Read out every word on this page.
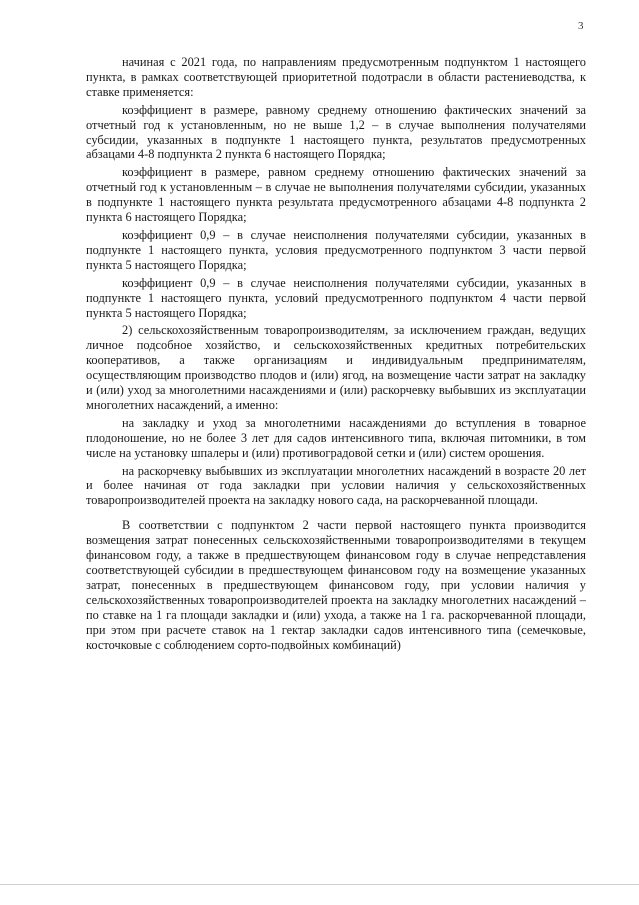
3

начиная с 2021 года, по направлениям предусмотренным подпунктом 1 настоящего пункта, в рамках соответствующей приоритетной подотрасли в области растениеводства, к ставке применяется:

коэффициент в размере, равному среднему отношению фактических значений за отчетный год к установленным, но не выше 1,2 – в случае выполнения получателями субсидии, указанных в подпункте 1 настоящего пункта, результатов предусмотренных абзацами 4-8 подпункта 2 пункта 6 настоящего Порядка;

коэффициент в размере, равном среднему отношению фактических значений за отчетный год к установленным – в случае не выполнения получателями субсидии, указанных в подпункте 1 настоящего пункта результата предусмотренного абзацами 4-8 подпункта 2 пункта 6 настоящего Порядка;

коэффициент 0,9 – в случае неисполнения получателями субсидии, указанных в подпункте 1 настоящего пункта, условия предусмотренного подпунктом 3 части первой пункта 5 настоящего Порядка;

коэффициент 0,9 – в случае неисполнения получателями субсидии, указанных в подпункте 1 настоящего пункта, условий предусмотренного подпунктом 4 части первой пункта 5 настоящего Порядка;

2) сельскохозяйственным товаропроизводителям, за исключением граждан, ведущих личное подсобное хозяйство, и сельскохозяйственных кредитных потребительских кооперативов, а также организациям и индивидуальным предпринимателям, осуществляющим производство плодов и (или) ягод, на возмещение части затрат на закладку и (или) уход за многолетними насаждениями и (или) раскорчевку выбывших из эксплуатации многолетних насаждений, а именно:

на закладку и уход за многолетними насаждениями до вступления в товарное плодоношение, но не более 3 лет для садов интенсивного типа, включая питомники, в том числе на установку шпалеры и (или) противоградовой сетки и (или) систем орошения.

на раскорчевку выбывших из эксплуатации многолетних насаждений в возрасте 20 лет и более начиная от года закладки при условии наличия у сельскохозяйственных товаропроизводителей проекта на закладку нового сада, на раскорчеванной площади.

В соответствии с подпунктом 2 части первой настоящего пункта производится возмещения затрат понесенных сельскохозяйственными товаропроизводителями в текущем финансовом году, а также в предшествующем финансовом году в случае непредставления соответствующей субсидии в предшествующем финансовом году на возмещение указанных затрат, понесенных в предшествующем финансовом году, при условии наличия у сельскохозяйственных товаропроизводителей проекта на закладку многолетних насаждений – по ставке на 1 га площади закладки и (или) ухода, а также на 1 га. раскорчеванной площади, при этом при расчете ставок на 1 гектар закладки садов интенсивного типа (семечковые, косточковые с соблюдением сорто-подвойных комбинаций)
